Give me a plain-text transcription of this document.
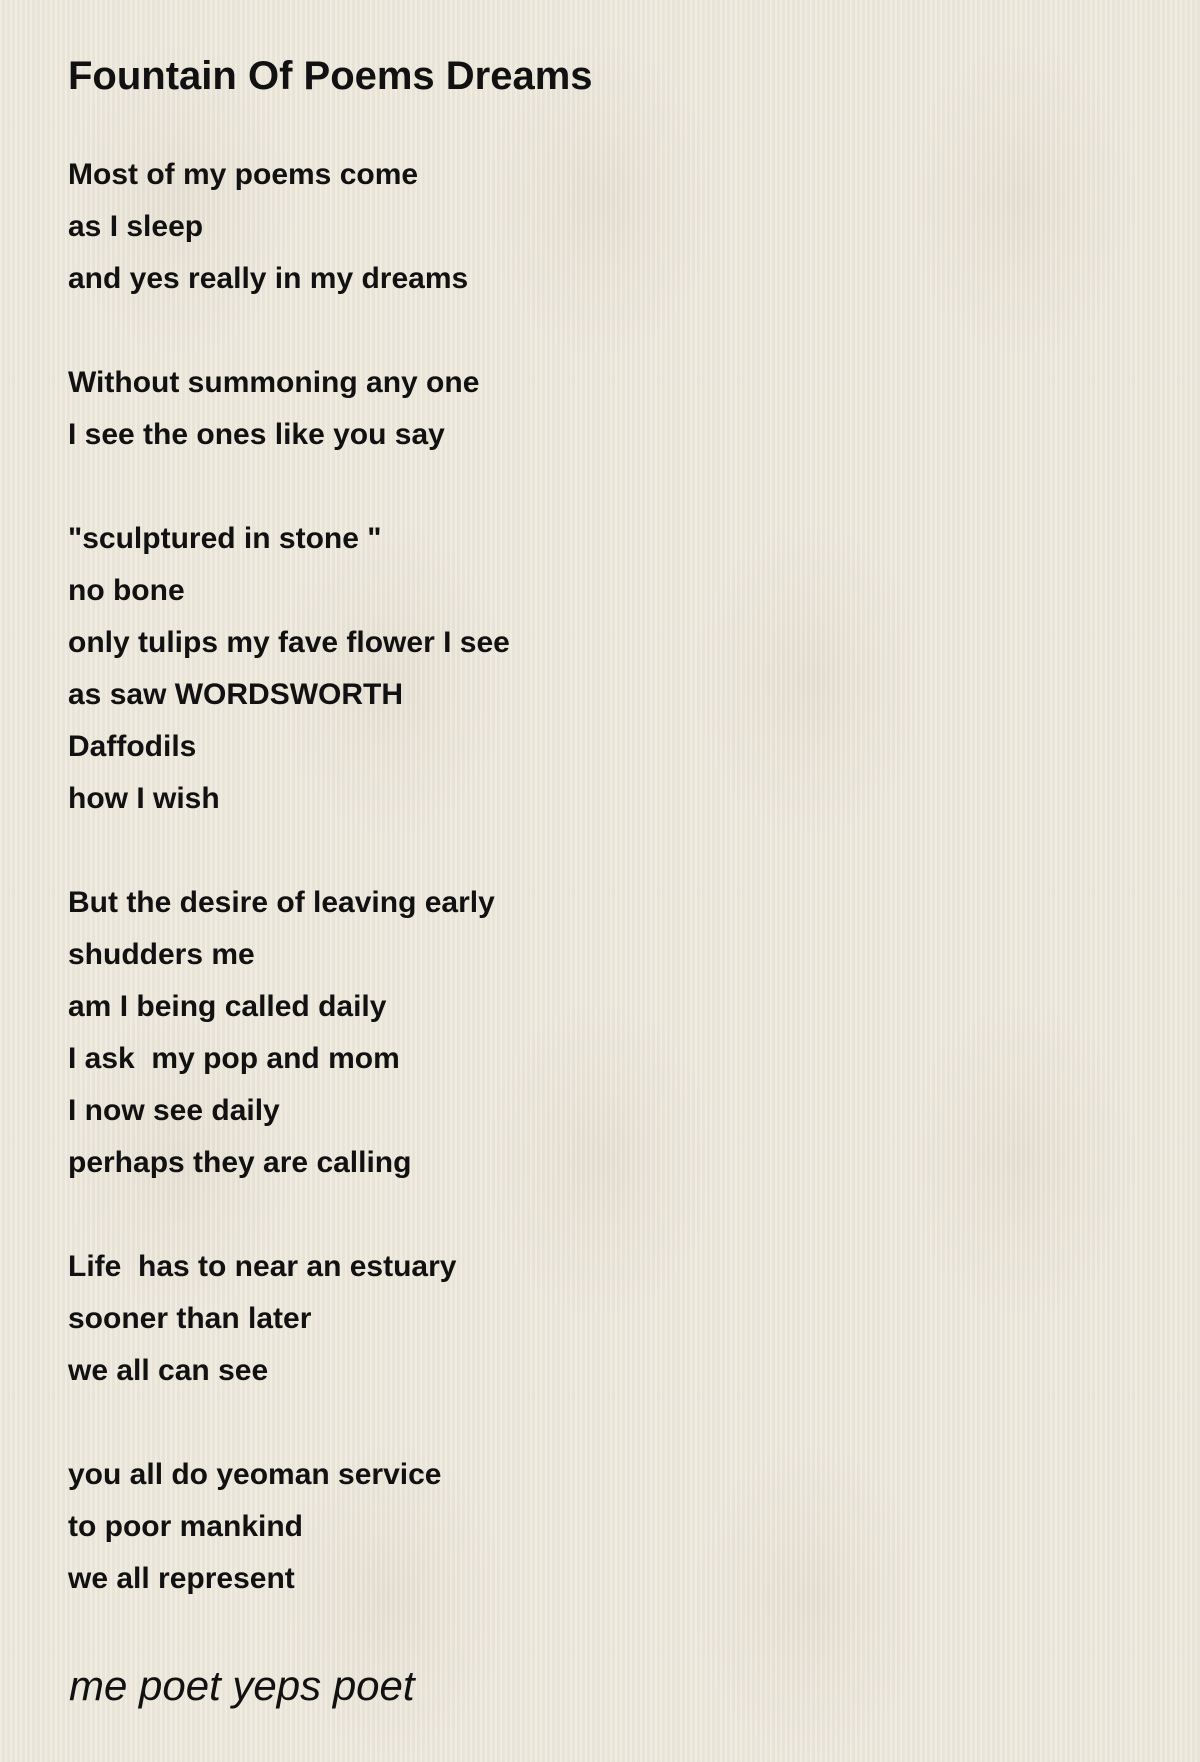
Fountain Of Poems Dreams
Most of my poems come
as I sleep
and yes really in my dreams
Without summoning any one
I see the ones like you say
"sculptured in stone "
no bone
only tulips my fave flower I see
as saw WORDSWORTH
Daffodils
how I wish
But the desire of leaving early
shudders me
am I being called daily
I ask  my pop and mom
I now see daily
perhaps they are calling
Life  has to near an estuary
sooner than later
we all can see
you all do yeoman service
to poor mankind
we all represent
me poet yeps poet
